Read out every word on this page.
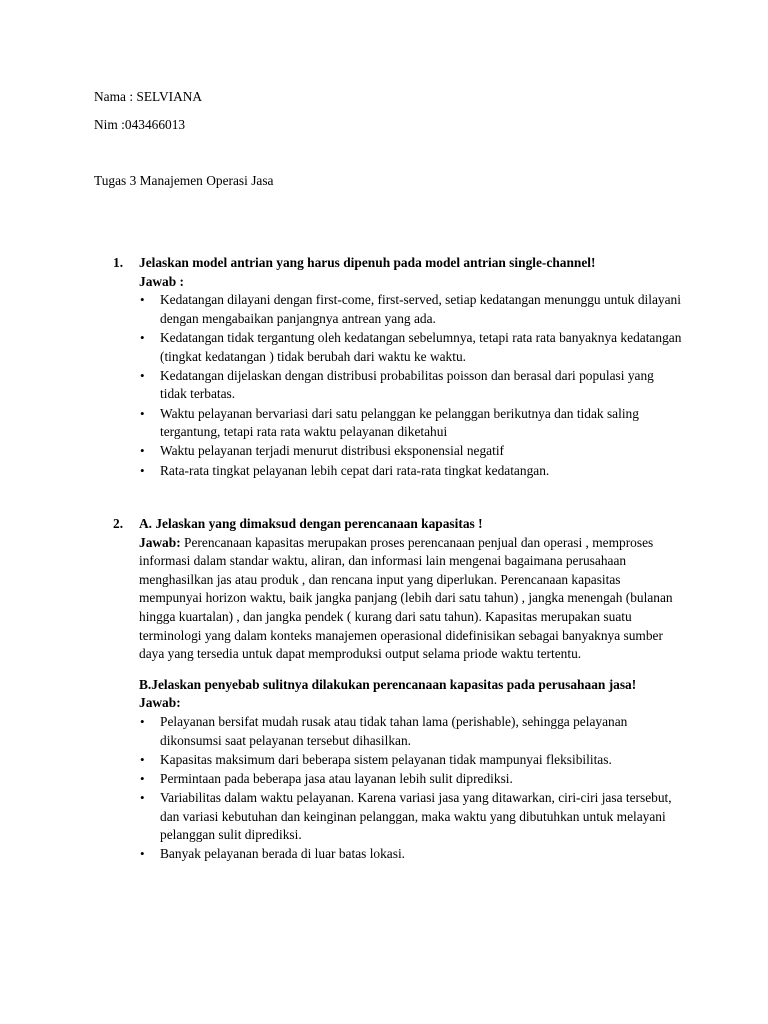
Nama : SELVIANA
Nim :043466013
Tugas 3 Manajemen Operasi Jasa
1. Jelaskan model antrian yang harus dipenuh pada model antrian single-channel!
Jawab :
• Kedatangan dilayani dengan first-come, first-served, setiap kedatangan menunggu untuk dilayani dengan mengabaikan panjangnya antrean yang ada.
• Kedatangan tidak tergantung oleh kedatangan sebelumnya, tetapi rata rata banyaknya kedatangan (tingkat kedatangan ) tidak berubah dari waktu ke waktu.
• Kedatangan dijelaskan dengan distribusi probabilitas poisson dan berasal dari populasi yang tidak terbatas.
• Waktu pelayanan bervariasi dari satu pelanggan ke pelanggan berikutnya dan tidak saling tergantung, tetapi rata rata waktu pelayanan diketahui
• Waktu pelayanan terjadi menurut distribusi eksponensial negatif
• Rata-rata tingkat pelayanan lebih cepat dari rata-rata tingkat kedatangan.
2. A. Jelaskan yang dimaksud dengan perencanaan kapasitas !

Jawab: Perencanaan kapasitas merupakan proses perencanaan penjual dan operasi , memproses informasi dalam standar waktu, aliran, dan informasi lain mengenai bagaimana perusahaan menghasilkan jas atau produk , dan rencana input yang diperlukan. Perencanaan kapasitas mempunyai horizon waktu, baik jangka panjang (lebih dari satu tahun) , jangka menengah (bulanan hingga kuartalan) , dan jangka pendek ( kurang dari satu tahun). Kapasitas merupakan suatu terminologi yang dalam konteks manajemen operasional didefinisikan sebagai banyaknya sumber daya yang tersedia untuk dapat memproduksi output selama priode waktu tertentu.

B.Jelaskan penyebab sulitnya dilakukan perencanaan kapasitas pada perusahaan jasa!
Jawab:
• Pelayanan bersifat mudah rusak atau tidak tahan lama (perishable), sehingga pelayanan dikonsumsi saat pelayanan tersebut dihasilkan.
• Kapasitas maksimum dari beberapa sistem pelayanan tidak mampunyai fleksibilitas.
• Permintaan pada beberapa jasa atau layanan lebih sulit diprediksi.
• Variabilitas dalam waktu pelayanan. Karena variasi jasa yang ditawarkan, ciri-ciri jasa tersebut, dan variasi kebutuhan dan keinginan pelanggan, maka waktu yang dibutuhkan untuk melayani pelanggan sulit diprediksi.
• Banyak pelayanan berada di luar batas lokasi.
